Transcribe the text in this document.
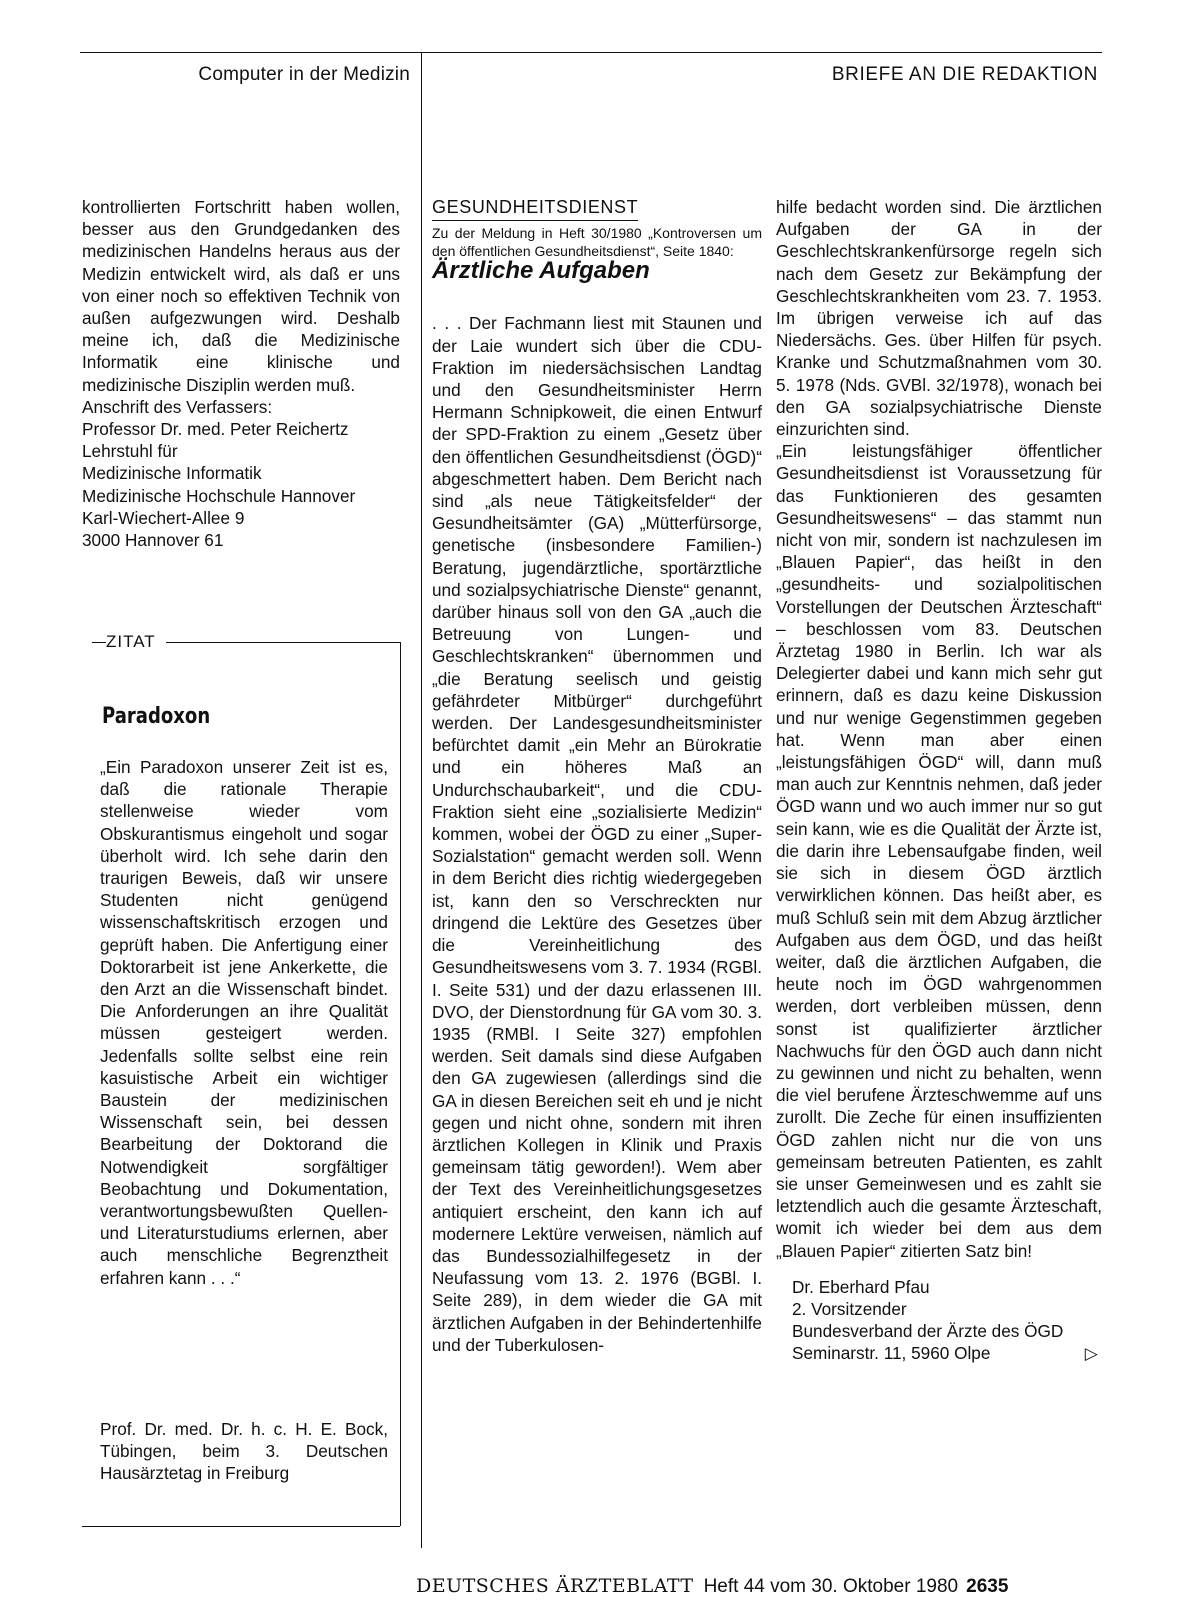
Computer in der Medizin	BRIEFE AN DIE REDAKTION

kontrollierten Fortschritt haben wollen, besser aus den Grundgedanken des medizinischen Handelns heraus aus der Medizin entwickelt wird, als daß er uns von einer noch so effektiven Technik von außen aufgezwungen wird. Deshalb meine ich, daß die Medizinische Informatik eine klinische und medizinische Disziplin werden muß.

Anschrift des Verfassers:

Professor Dr. med. Peter Reichertz

Lehrstuhl für

Medizinische Informatik

Medizinische Hochschule Hannover

Karl-Wiechert-Allee 9

3000 Hannover 61

ZITAT
Paradoxon

„Ein Paradoxon unserer Zeit ist es, daß die rationale Therapie stellenweise wieder vom Obskurantismus eingeholt und sogar überholt wird. Ich sehe darin den traurigen Beweis, daß wir unsere Studenten nicht genügend wissenschaftskritisch erzogen und geprüft haben. Die Anfertigung einer Doktorarbeit ist jene Ankerkette, die den Arzt an die Wissenschaft bindet. Die Anforderungen an ihre Qualität müssen gesteigert werden. Jedenfalls sollte selbst eine rein kasuistische Arbeit ein wichtiger Baustein der medizinischen Wissenschaft sein, bei dessen Bearbeitung der Doktorand die Notwendigkeit sorgfältiger Beobachtung und Dokumentation, verantwortungsbewußten Quellen- und Literaturstudiums erlernen, aber auch menschliche Begrenztheit erfahren kann . . .“

Prof. Dr. med. Dr. h. c. H. E. Bock, Tübingen, beim 3. Deutschen Hausärztetag in Freiburg

GESUNDHEITSDIENST

Zu der Meldung in Heft 30/1980 „Kontroversen um den öffentlichen Gesundheitsdienst“, Seite 1840:

Ärztliche Aufgaben

. . . Der Fachmann liest mit Staunen und der Laie wundert sich über die CDU-Fraktion im niedersächsischen Landtag und den Gesundheitsminister Herrn Hermann Schnipkoweit, die einen Entwurf der SPD-Fraktion zu einem „Gesetz über den öffentlichen Gesundheitsdienst (ÖGD)“ abgeschmettert haben. Dem Bericht nach sind „als neue Tätigkeitsfelder“ der Gesundheitsämter (GA) „Mütterfürsorge, genetische (insbesondere Familien-) Beratung, jugendärztliche, sportärztliche und sozialpsychiatrische Dienste“ genannt, darüber hinaus soll von den GA „auch die Betreuung von Lungen- und Geschlechtskranken“ übernommen und „die Beratung seelisch und geistig gefährdeter Mitbürger“ durchgeführt werden. Der Landesgesundheitsminister befürchtet damit „ein Mehr an Bürokratie und ein höheres Maß an Undurchschaubarkeit“, und die CDU-Fraktion sieht eine „sozialisierte Medizin“ kommen, wobei der ÖGD zu einer „Super-Sozialstation“ gemacht werden soll. Wenn in dem Bericht dies richtig wiedergegeben ist, kann den so Verschreckten nur dringend die Lektüre des Gesetzes über die Vereinheitlichung des Gesundheitswesens vom 3. 7. 1934 (RGBl. I. Seite 531) und der dazu erlassenen III. DVO, der Dienstordnung für GA vom 30. 3. 1935 (RMBl. I Seite 327) empfohlen werden. Seit damals sind diese Aufgaben den GA zugewiesen (allerdings sind die GA in diesen Bereichen seit eh und je nicht gegen und nicht ohne, sondern mit ihren ärztlichen Kollegen in Klinik und Praxis gemeinsam tätig geworden!). Wem aber der Text des Vereinheitlichungsgesetzes antiquiert erscheint, den kann ich auf modernere Lektüre verweisen, nämlich auf das Bundessozialhilfegesetz in der Neufassung vom 13. 2. 1976 (BGBl. I. Seite 289), in dem wieder die GA mit ärztlichen Aufgaben in der Behindertenhilfe und der Tuberkulosen-

hilfe bedacht worden sind. Die ärztlichen Aufgaben der GA in der Geschlechtskrankenfürsorge regeln sich nach dem Gesetz zur Bekämpfung der Geschlechtskrankheiten vom 23. 7. 1953. Im übrigen verweise ich auf das Niedersächs. Ges. über Hilfen für psych. Kranke und Schutzmaßnahmen vom 30. 5. 1978 (Nds. GVBl. 32/1978), wonach bei den GA sozialpsychiatrische Dienste einzurichten sind.

„Ein leistungsfähiger öffentlicher Gesundheitsdienst ist Voraussetzung für das Funktionieren des gesamten Gesundheitswesens“ – das stammt nun nicht von mir, sondern ist nachzulesen im „Blauen Papier“, das heißt in den „gesundheits- und sozialpolitischen Vorstellungen der Deutschen Ärzteschaft“ – beschlossen vom 83. Deutschen Ärztetag 1980 in Berlin. Ich war als Delegierter dabei und kann mich sehr gut erinnern, daß es dazu keine Diskussion und nur wenige Gegenstimmen gegeben hat. Wenn man aber einen „leistungsfähigen ÖGD“ will, dann muß man auch zur Kenntnis nehmen, daß jeder ÖGD wann und wo auch immer nur so gut sein kann, wie es die Qualität der Ärzte ist, die darin ihre Lebensaufgabe finden, weil sie sich in diesem ÖGD ärztlich verwirklichen können. Das heißt aber, es muß Schluß sein mit dem Abzug ärztlicher Aufgaben aus dem ÖGD, und das heißt weiter, daß die ärztlichen Aufgaben, die heute noch im ÖGD wahrgenommen werden, dort verbleiben müssen, denn sonst ist qualifizierter ärztlicher Nachwuchs für den ÖGD auch dann nicht zu gewinnen und nicht zu behalten, wenn die viel berufene Ärzteschwemme auf uns zurollt. Die Zeche für einen insuffizienten ÖGD zahlen nicht nur die von uns gemeinsam betreuten Patienten, es zahlt sie unser Gemeinwesen und es zahlt sie letztendlich auch die gesamte Ärzteschaft, womit ich wieder bei dem aus dem „Blauen Papier“ zitierten Satz bin!

Dr. Eberhard Pfau

2. Vorsitzender

Bundesverband der Ärzte des ÖGD

Seminarstr. 11, 5960 Olpe	▷

DEUTSCHES ÄRZTEBLATT Heft 44 vom 30. Oktober 1980 2635
